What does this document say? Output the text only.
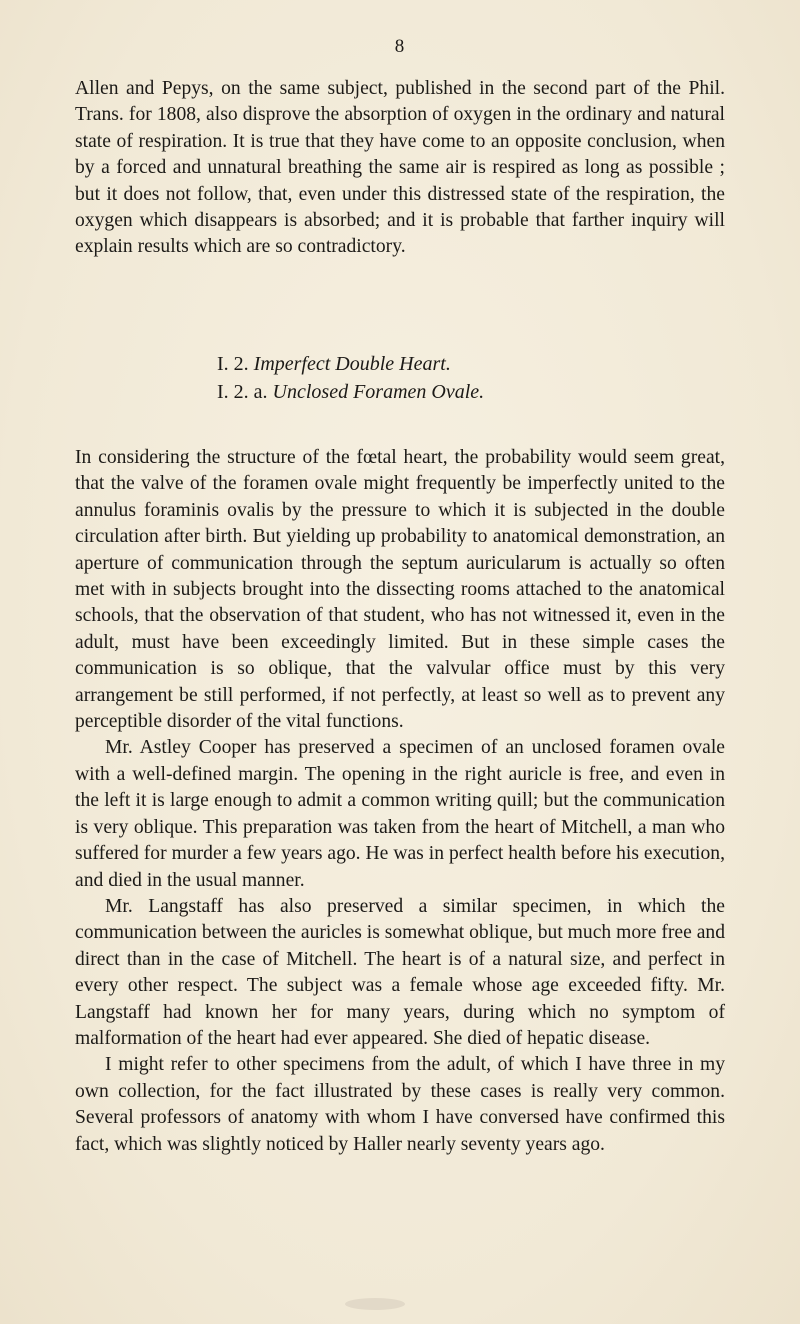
8

Allen and Pepys, on the same subject, published in the second part of the Phil. Trans. for 1808, also disprove the absorption of oxygen in the ordinary and natural state of respiration. It is true that they have come to an opposite conclusion, when by a forced and unnatural breathing the same air is respired as long as possible ; but it does not follow, that, even under this distressed state of the respiration, the oxygen which disappears is absorbed; and it is probable that farther inquiry will explain results which are so contradictory.

I. 2. Imperfect Double Heart.
I. 2. a. Unclosed Foramen Ovale.

In considering the structure of the fœtal heart, the probability would seem great, that the valve of the foramen ovale might frequently be imperfectly united to the annulus foraminis ovalis by the pressure to which it is subjected in the double circulation after birth. But yielding up probability to anatomical demonstration, an aperture of communication through the septum auricularum is actually so often met with in subjects brought into the dissecting rooms attached to the anatomical schools, that the observation of that student, who has not witnessed it, even in the adult, must have been exceedingly limited. But in these simple cases the communication is so oblique, that the valvular office must by this very arrangement be still performed, if not perfectly, at least so well as to prevent any perceptible disorder of the vital functions.

Mr. Astley Cooper has preserved a specimen of an unclosed foramen ovale with a well-defined margin. The opening in the right auricle is free, and even in the left it is large enough to admit a common writing quill; but the communication is very oblique. This preparation was taken from the heart of Mitchell, a man who suffered for murder a few years ago. He was in perfect health before his execution, and died in the usual manner.

Mr. Langstaff has also preserved a similar specimen, in which the communication between the auricles is somewhat oblique, but much more free and direct than in the case of Mitchell. The heart is of a natural size, and perfect in every other respect. The subject was a female whose age exceeded fifty. Mr. Langstaff had known her for many years, during which no symptom of malformation of the heart had ever appeared. She died of hepatic disease.

I might refer to other specimens from the adult, of which I have three in my own collection, for the fact illustrated by these cases is really very common. Several professors of anatomy with whom I have conversed have confirmed this fact, which was slightly noticed by Haller nearly seventy years ago.
